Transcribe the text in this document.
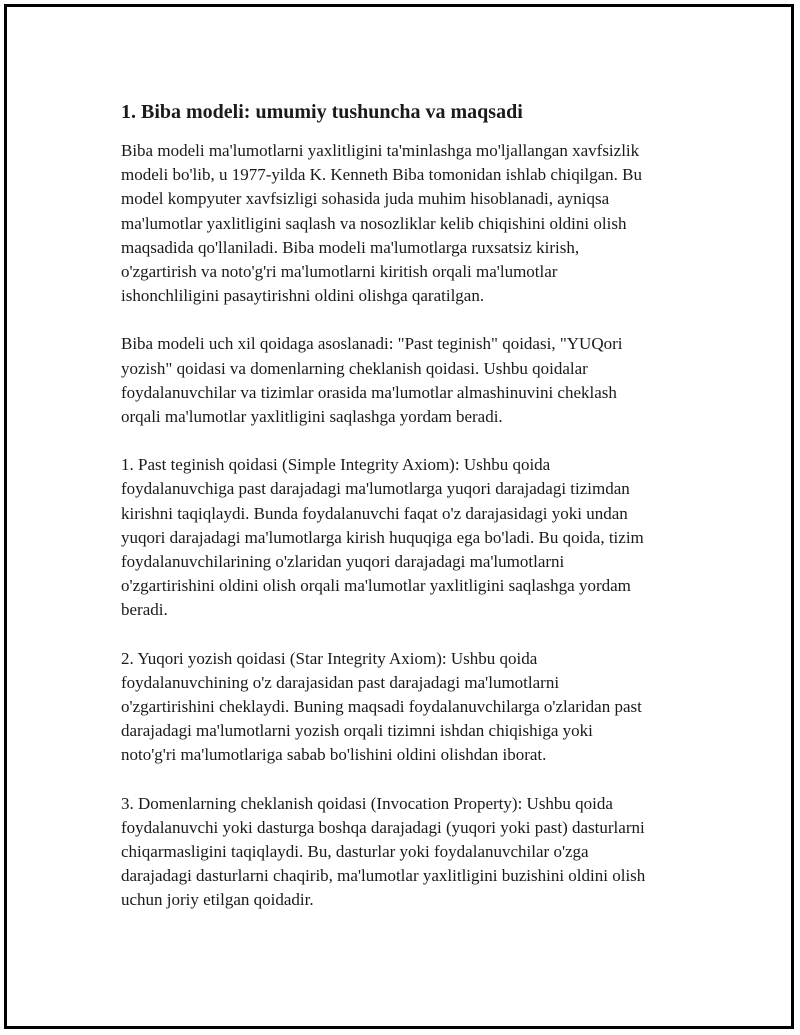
1. Biba modeli: umumiy tushuncha va maqsadi

Biba modeli ma'lumotlarni yaxlitligini ta'minlashga mo'ljallangan xavfsizlik
modeli bo'lib, u 1977-yilda K. Kenneth Biba tomonidan ishlab chiqilgan. Bu
model kompyuter xavfsizligi sohasida juda muhim hisoblanadi, ayniqsa
ma'lumotlar yaxlitligini saqlash va nosozliklar kelib chiqishini oldini olish
maqsadida qo'llaniladi. Biba modeli ma'lumotlarga ruxsatsiz kirish,
o'zgartirish va noto'g'ri ma'lumotlarni kiritish orqali ma'lumotlar
ishonchliligini pasaytirishni oldini olishga qaratilgan.

Biba modeli uch xil qoidaga asoslanadi: "Past teginish" qoidasi, "YUQori
yozish" qoidasi va domenlarning cheklanish qoidasi. Ushbu qoidalar
foydalanuvchilar va tizimlar orasida ma'lumotlar almashinuvini cheklash
orqali ma'lumotlar yaxlitligini saqlashga yordam beradi.

1. Past teginish qoidasi (Simple Integrity Axiom): Ushbu qoida
foydalanuvchiga past darajadagi ma'lumotlarga yuqori darajadagi tizimdan
kirishni taqiqlaydi. Bunda foydalanuvchi faqat o'z darajasidagi yoki undan
yuqori darajadagi ma'lumotlarga kirish huquqiga ega bo'ladi. Bu qoida, tizim
foydalanuvchilarining o'zlaridan yuqori darajadagi ma'lumotlarni
o'zgartirishini oldini olish orqali ma'lumotlar yaxlitligini saqlashga yordam
beradi.

2. Yuqori yozish qoidasi (Star Integrity Axiom): Ushbu qoida
foydalanuvchining o'z darajasidan past darajadagi ma'lumotlarni
o'zgartirishini cheklaydi. Buning maqsadi foydalanuvchilarga o'zlaridan past
darajadagi ma'lumotlarni yozish orqali tizimni ishdan chiqishiga yoki
noto'g'ri ma'lumotlariga sabab bo'lishini oldini olishdan iborat.

3. Domenlarning cheklanish qoidasi (Invocation Property): Ushbu qoida
foydalanuvchi yoki dasturga boshqa darajadagi (yuqori yoki past) dasturlarni
chiqarmasligini taqiqlaydi. Bu, dasturlar yoki foydalanuvchilar o'zga
darajadagi dasturlarni chaqirib, ma'lumotlar yaxlitligini buzishini oldini olish
uchun joriy etilgan qoidadir.
